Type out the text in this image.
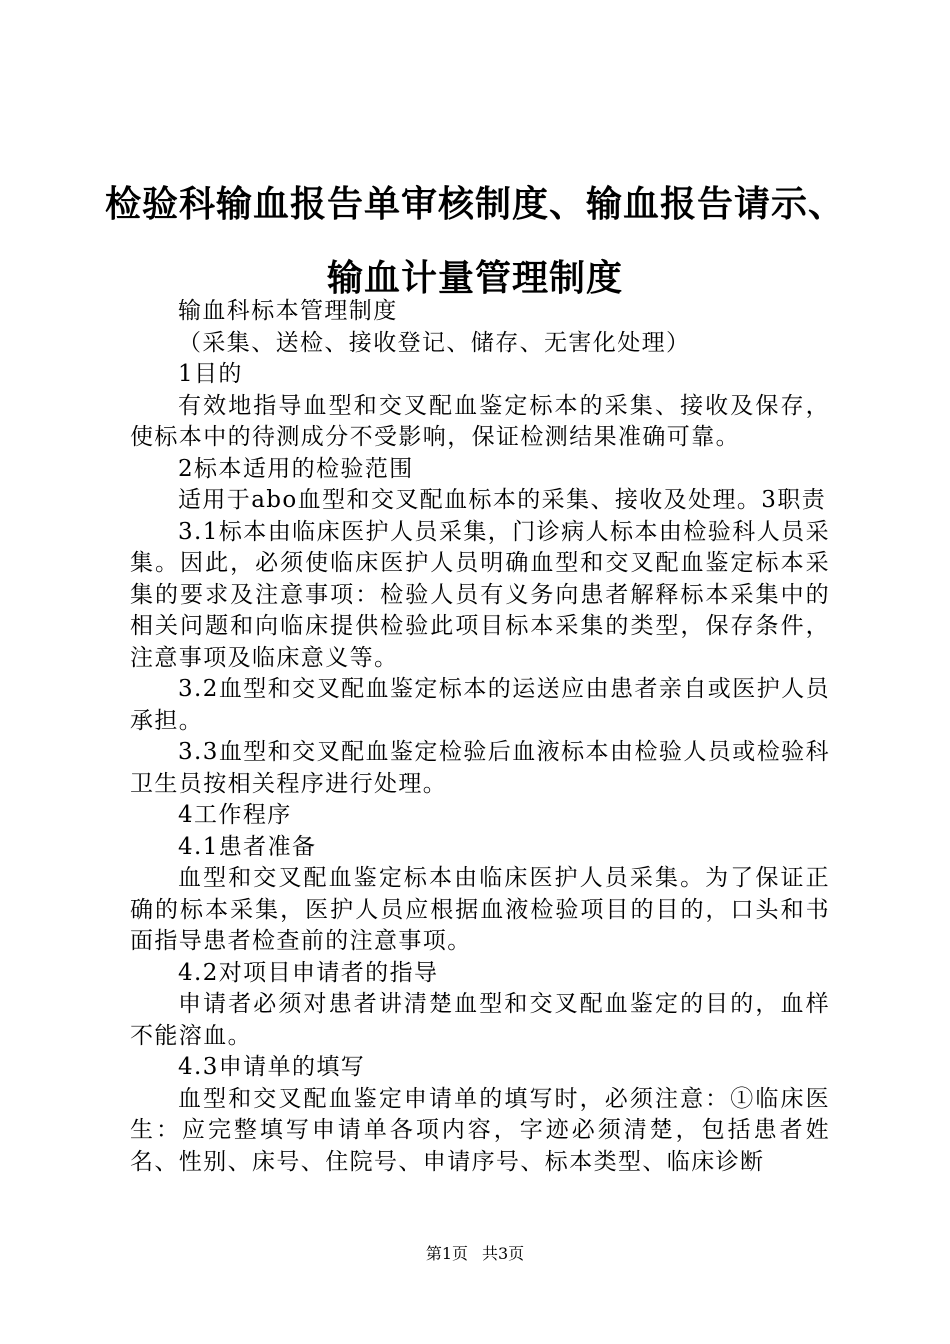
检验科输血报告单审核制度、输血报告请示、
输血计量管理制度

输血科标本管理制度

（采集、送检、接收登记、储存、无害化处理）

1目的

有效地指导血型和交叉配血鉴定标本的采集、接收及保存，使标本中的待测成分不受影响，保证检测结果准确可靠。

2标本适用的检验范围

适用于abo血型和交叉配血标本的采集、接收及处理。3职责

3.1标本由临床医护人员采集，门诊病人标本由检验科人员采集。因此，必须使临床医护人员明确血型和交叉配血鉴定标本采集的要求及注意事项：检验人员有义务向患者解释标本采集中的相关问题和向临床提供检验此项目标本采集的类型，保存条件，注意事项及临床意义等。

3.2血型和交叉配血鉴定标本的运送应由患者亲自或医护人员承担。

3.3血型和交叉配血鉴定检验后血液标本由检验人员或检验科卫生员按相关程序进行处理。

4工作程序

4.1患者准备

血型和交叉配血鉴定标本由临床医护人员采集。为了保证正确的标本采集，医护人员应根据血液检验项目的目的，口头和书面指导患者检查前的注意事项。

4.2对项目申请者的指导

申请者必须对患者讲清楚血型和交叉配血鉴定的目的，血样不能溶血。

4.3申请单的填写

血型和交叉配血鉴定申请单的填写时，必须注意：①临床医生：应完整填写申请单各项内容，字迹必须清楚，包括患者姓名、性别、床号、住院号、申请序号、标本类型、临床诊断

第1页 共3页
